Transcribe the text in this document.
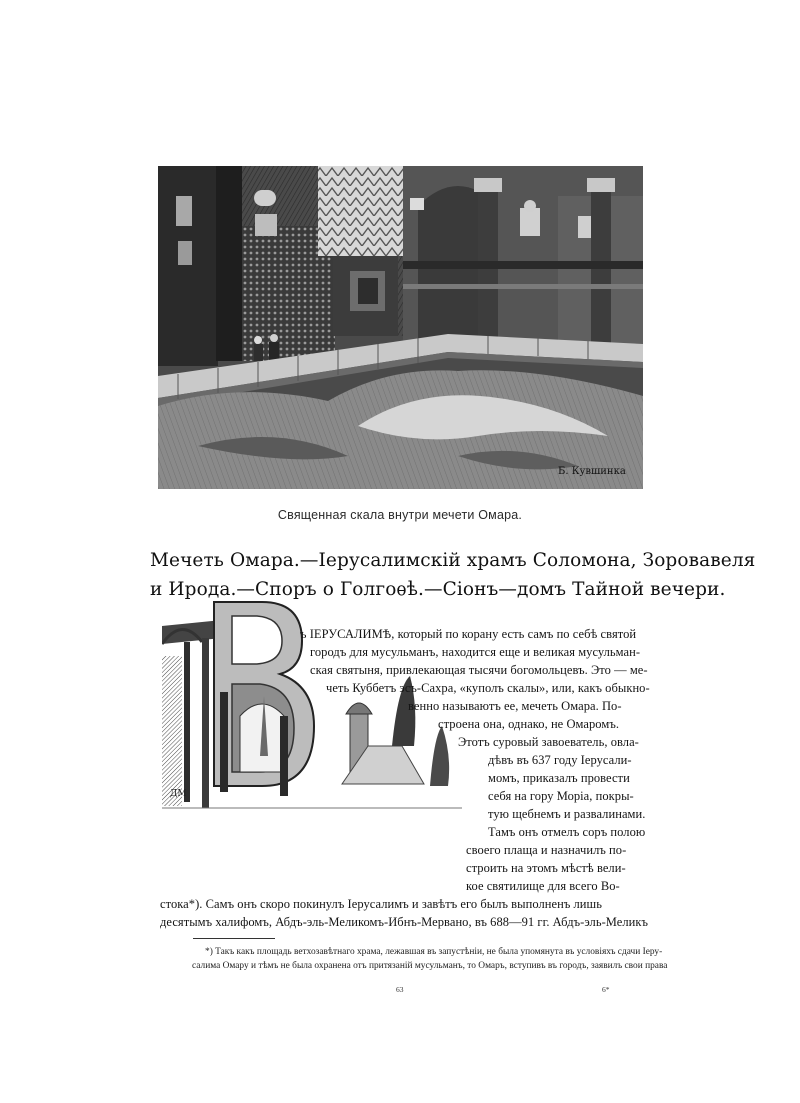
Б. Кувшинка
Священная скала внутри мечети Омара.
Мечеть Омара.—Iерусалимскій храмъ Соломона, Зоровавеля
и Ирода.—Споръ о Голгоѳѣ.—Сiонъ—домъ Тайной вечери.
ДМ
ъ IЕРУСАЛИМѢ, который по корану есть самъ по себѣ святой
городъ для мусульманъ, находится еще и великая мусульман-
ская святыня, привлекающая тысячи богомольцевъ. Это — ме-
четь Куббетъ эсъ-Сахра, «куполъ скалы», или, какъ обыкно-
венно называютъ ее, мечеть Омара. По-
строена она, однако, не Омаромъ.
Этотъ суровый завоеватель, овла-
дѣвъ въ 637 году Iерусали-
момъ, приказалъ провести
себя на гору Морiа, покры-
тую щебнемъ и развалинами.
Тамъ онъ отмелъ соръ полою
своего плаща и назначилъ по-
строить на этомъ мѣстѣ вели-
кое святилище для всего Во-
стока*). Самъ онъ скоро покинулъ Iерусалимъ и завѣтъ его былъ выполненъ лишь
десятымъ халифомъ, Абдъ-эль-Меликомъ-Ибнъ-Мервано, въ 688—91 гг. Абдъ-эль-Меликъ
*) Такъ какъ площадь ветхозавѣтнаго храма, лежавшая въ запустѣнiи, не была упомянута въ условiяхъ сдачи Iеру-
салима Омару и тѣмъ не была охранена отъ притязанiй мусульманъ, то Омаръ, вступивъ въ городъ, заявилъ свои права
63	6*
